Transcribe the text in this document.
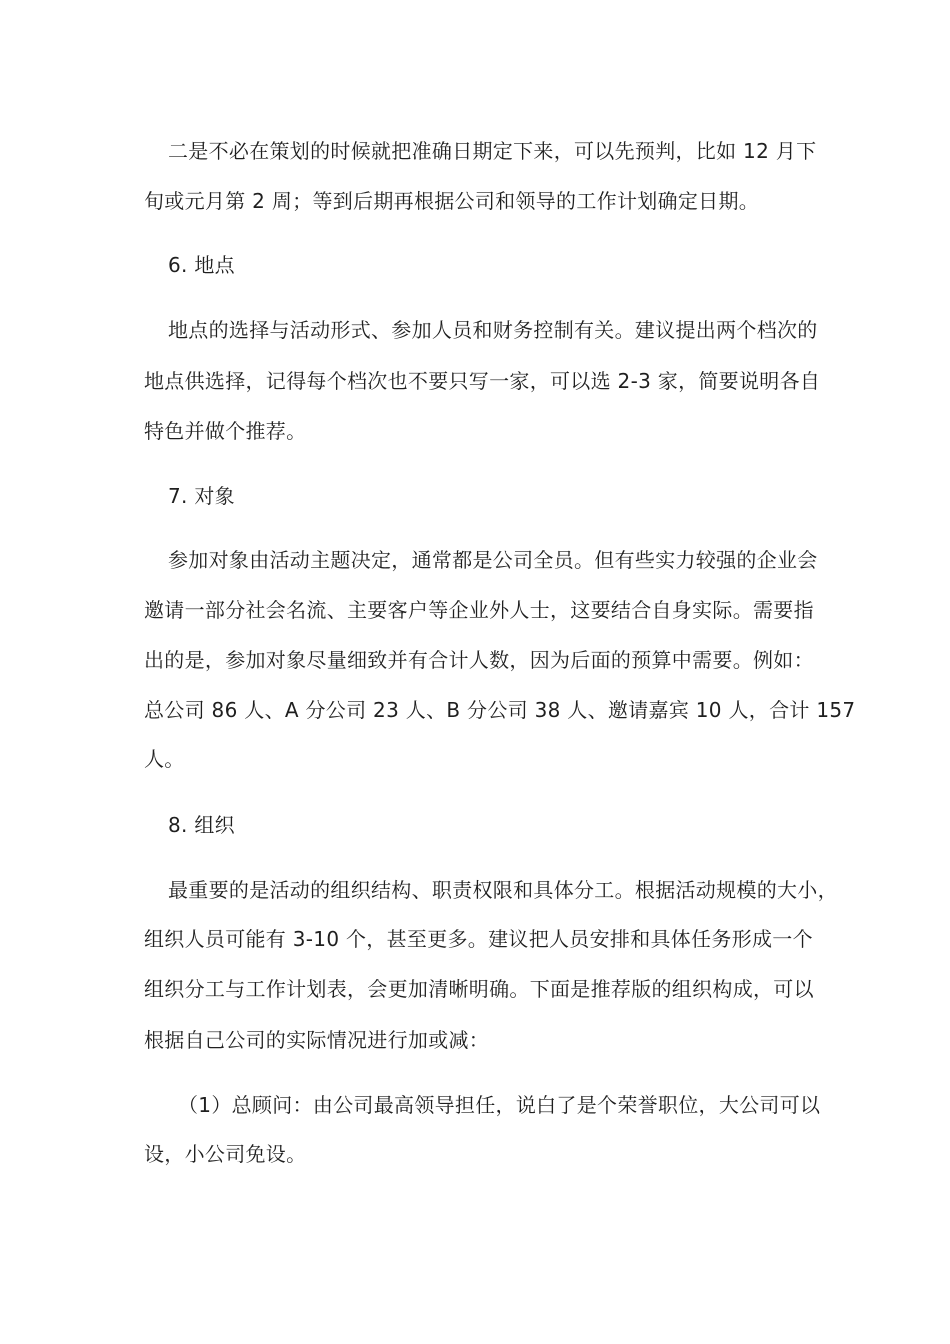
二是不必在策划的时候就把准确日期定下来，可以先预判，比如 12 月下
旬或元月第 2 周；等到后期再根据公司和领导的工作计划确定日期。
6. 地点
地点的选择与活动形式、参加人员和财务控制有关。建议提出两个档次的
地点供选择，记得每个档次也不要只写一家，可以选 2-3 家，简要说明各自
特色并做个推荐。
7. 对象
参加对象由活动主题决定，通常都是公司全员。但有些实力较强的企业会
邀请一部分社会名流、主要客户等企业外人士，这要结合自身实际。需要指
出的是，参加对象尽量细致并有合计人数，因为后面的预算中需要。例如：
总公司 86 人、A 分公司 23 人、B 分公司 38 人、邀请嘉宾 10 人，合计 157
人。
8. 组织
最重要的是活动的组织结构、职责权限和具体分工。根据活动规模的大小，
组织人员可能有 3-10 个，甚至更多。建议把人员安排和具体任务形成一个
组织分工与工作计划表，会更加清晰明确。下面是推荐版的组织构成，可以
根据自己公司的实际情况进行加或减：
（1）总顾问：由公司最高领导担任，说白了是个荣誉职位，大公司可以
设，小公司免设。
